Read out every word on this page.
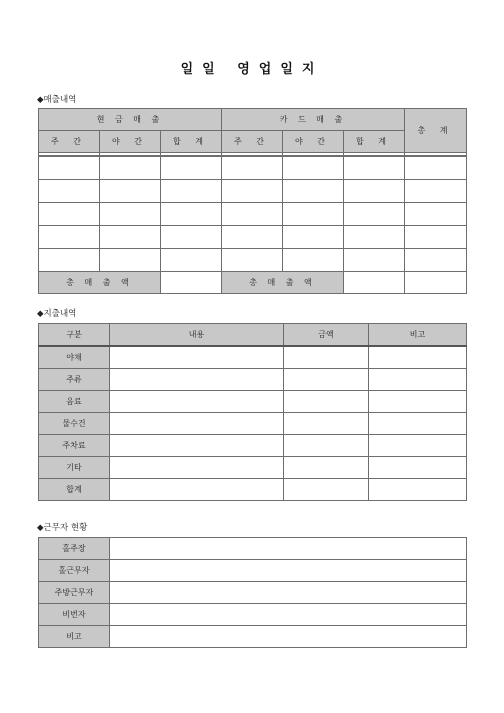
일일 영업일지
◆매출내역
현 금 매 출			카 드 매 출			총 계
주 간	야 간	합 계	주 간	야 간	합 계	

총 매 출 액			총 매 출 액			
◆지출내역
구분	내용	금액	비고
야채			
주류			
음료			
물수건			
주차료			
기타			
합계			
◆근무자 현황
홀주장	
홀근무자	
주방근무자	
비번자	
비고	
